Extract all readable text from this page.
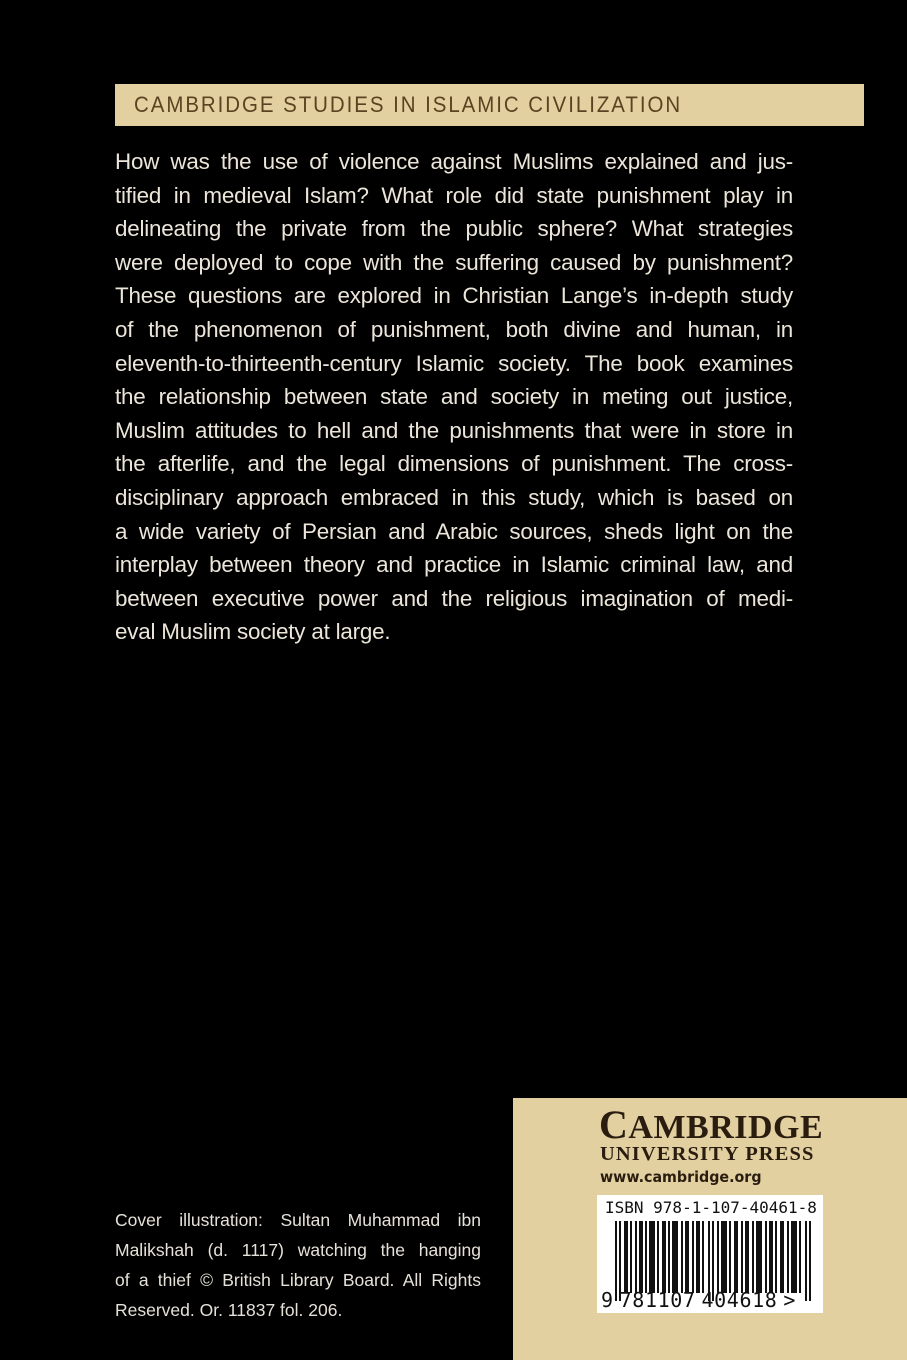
CAMBRIDGE STUDIES IN ISLAMIC CIVILIZATION
How was the use of violence against Muslims explained and jus-
tified in medieval Islam? What role did state punishment play in
delineating the private from the public sphere? What strategies
were deployed to cope with the suffering caused by punishment?
These questions are explored in Christian Lange’s in-depth study
of the phenomenon of punishment, both divine and human, in
eleventh-to-thirteenth-century Islamic society. The book examines
the relationship between state and society in meting out justice,
Muslim attitudes to hell and the punishments that were in store in
the afterlife, and the legal dimensions of punishment. The cross-
disciplinary approach embraced in this study, which is based on
a wide variety of Persian and Arabic sources, sheds light on the
interplay between theory and practice in Islamic criminal law, and
between executive power and the religious imagination of medi-
eval Muslim society at large.
Cover illustration: Sultan Muhammad ibn
Malikshah (d. 1117) watching the hanging
of a thief © British Library Board. All Rights
Reserved. Or. 11837 fol. 206.
CAMBRIDGE
UNIVERSITY PRESS
www.cambridge.org
ISBN 978-1-107-40461-8
9 781107 404618 >
